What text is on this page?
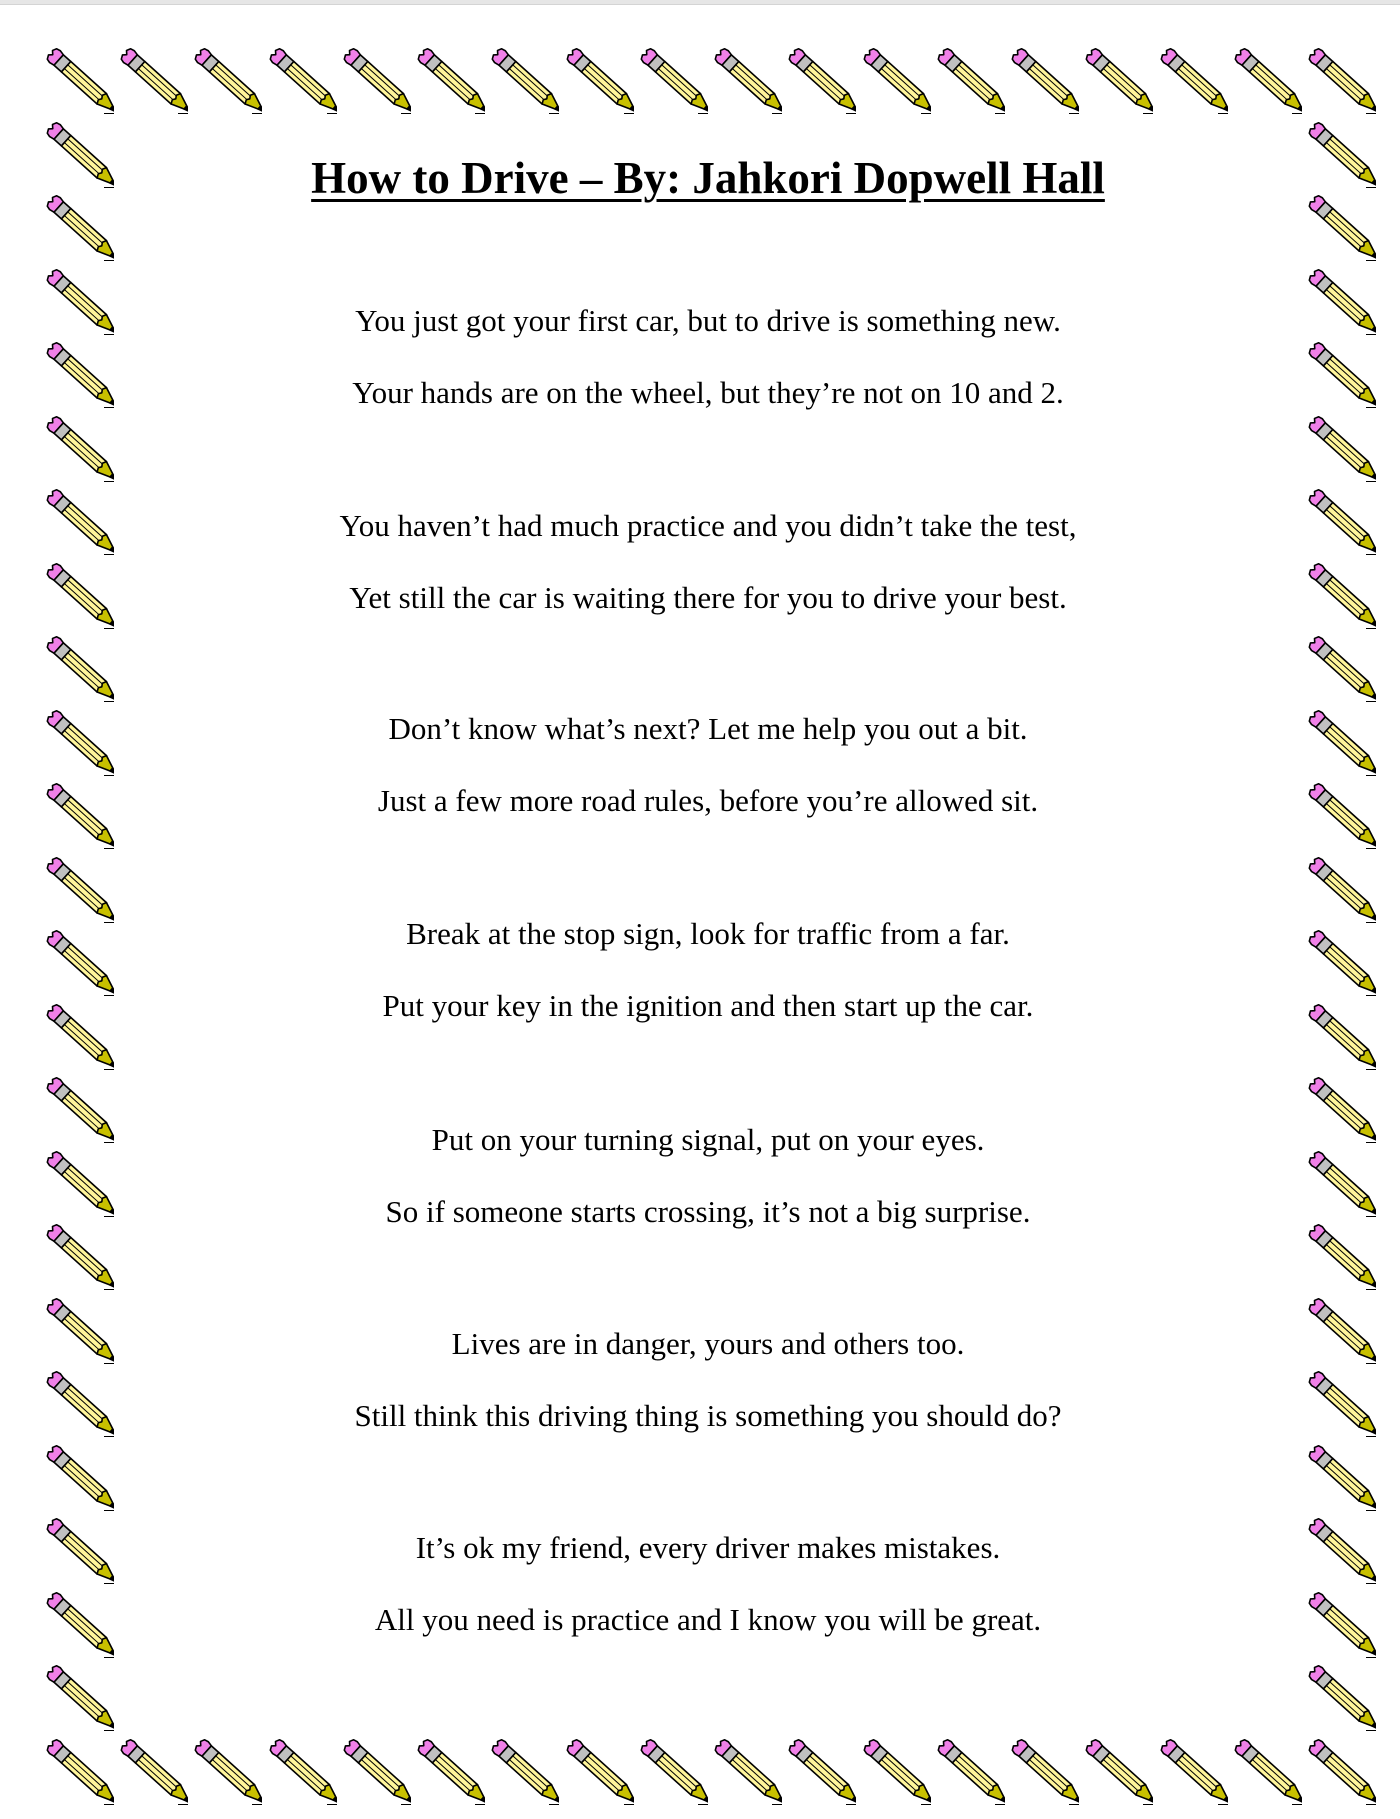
How to Drive – By: Jahkori Dopwell Hall
You just got your first car, but to drive is something new.
Your hands are on the wheel, but they’re not on 10 and 2.
You haven’t had much practice and you didn’t take the test,
Yet still the car is waiting there for you to drive your best.
Don’t know what’s next? Let me help you out a bit.
Just a few more road rules, before you’re allowed sit.
Break at the stop sign, look for traffic from a far.
Put your key in the ignition and then start up the car.
Put on your turning signal, put on your eyes.
So if someone starts crossing, it’s not a big surprise.
Lives are in danger, yours and others too.
Still think this driving thing is something you should do?
It’s ok my friend, every driver makes mistakes.
All you need is practice and I know you will be great.
